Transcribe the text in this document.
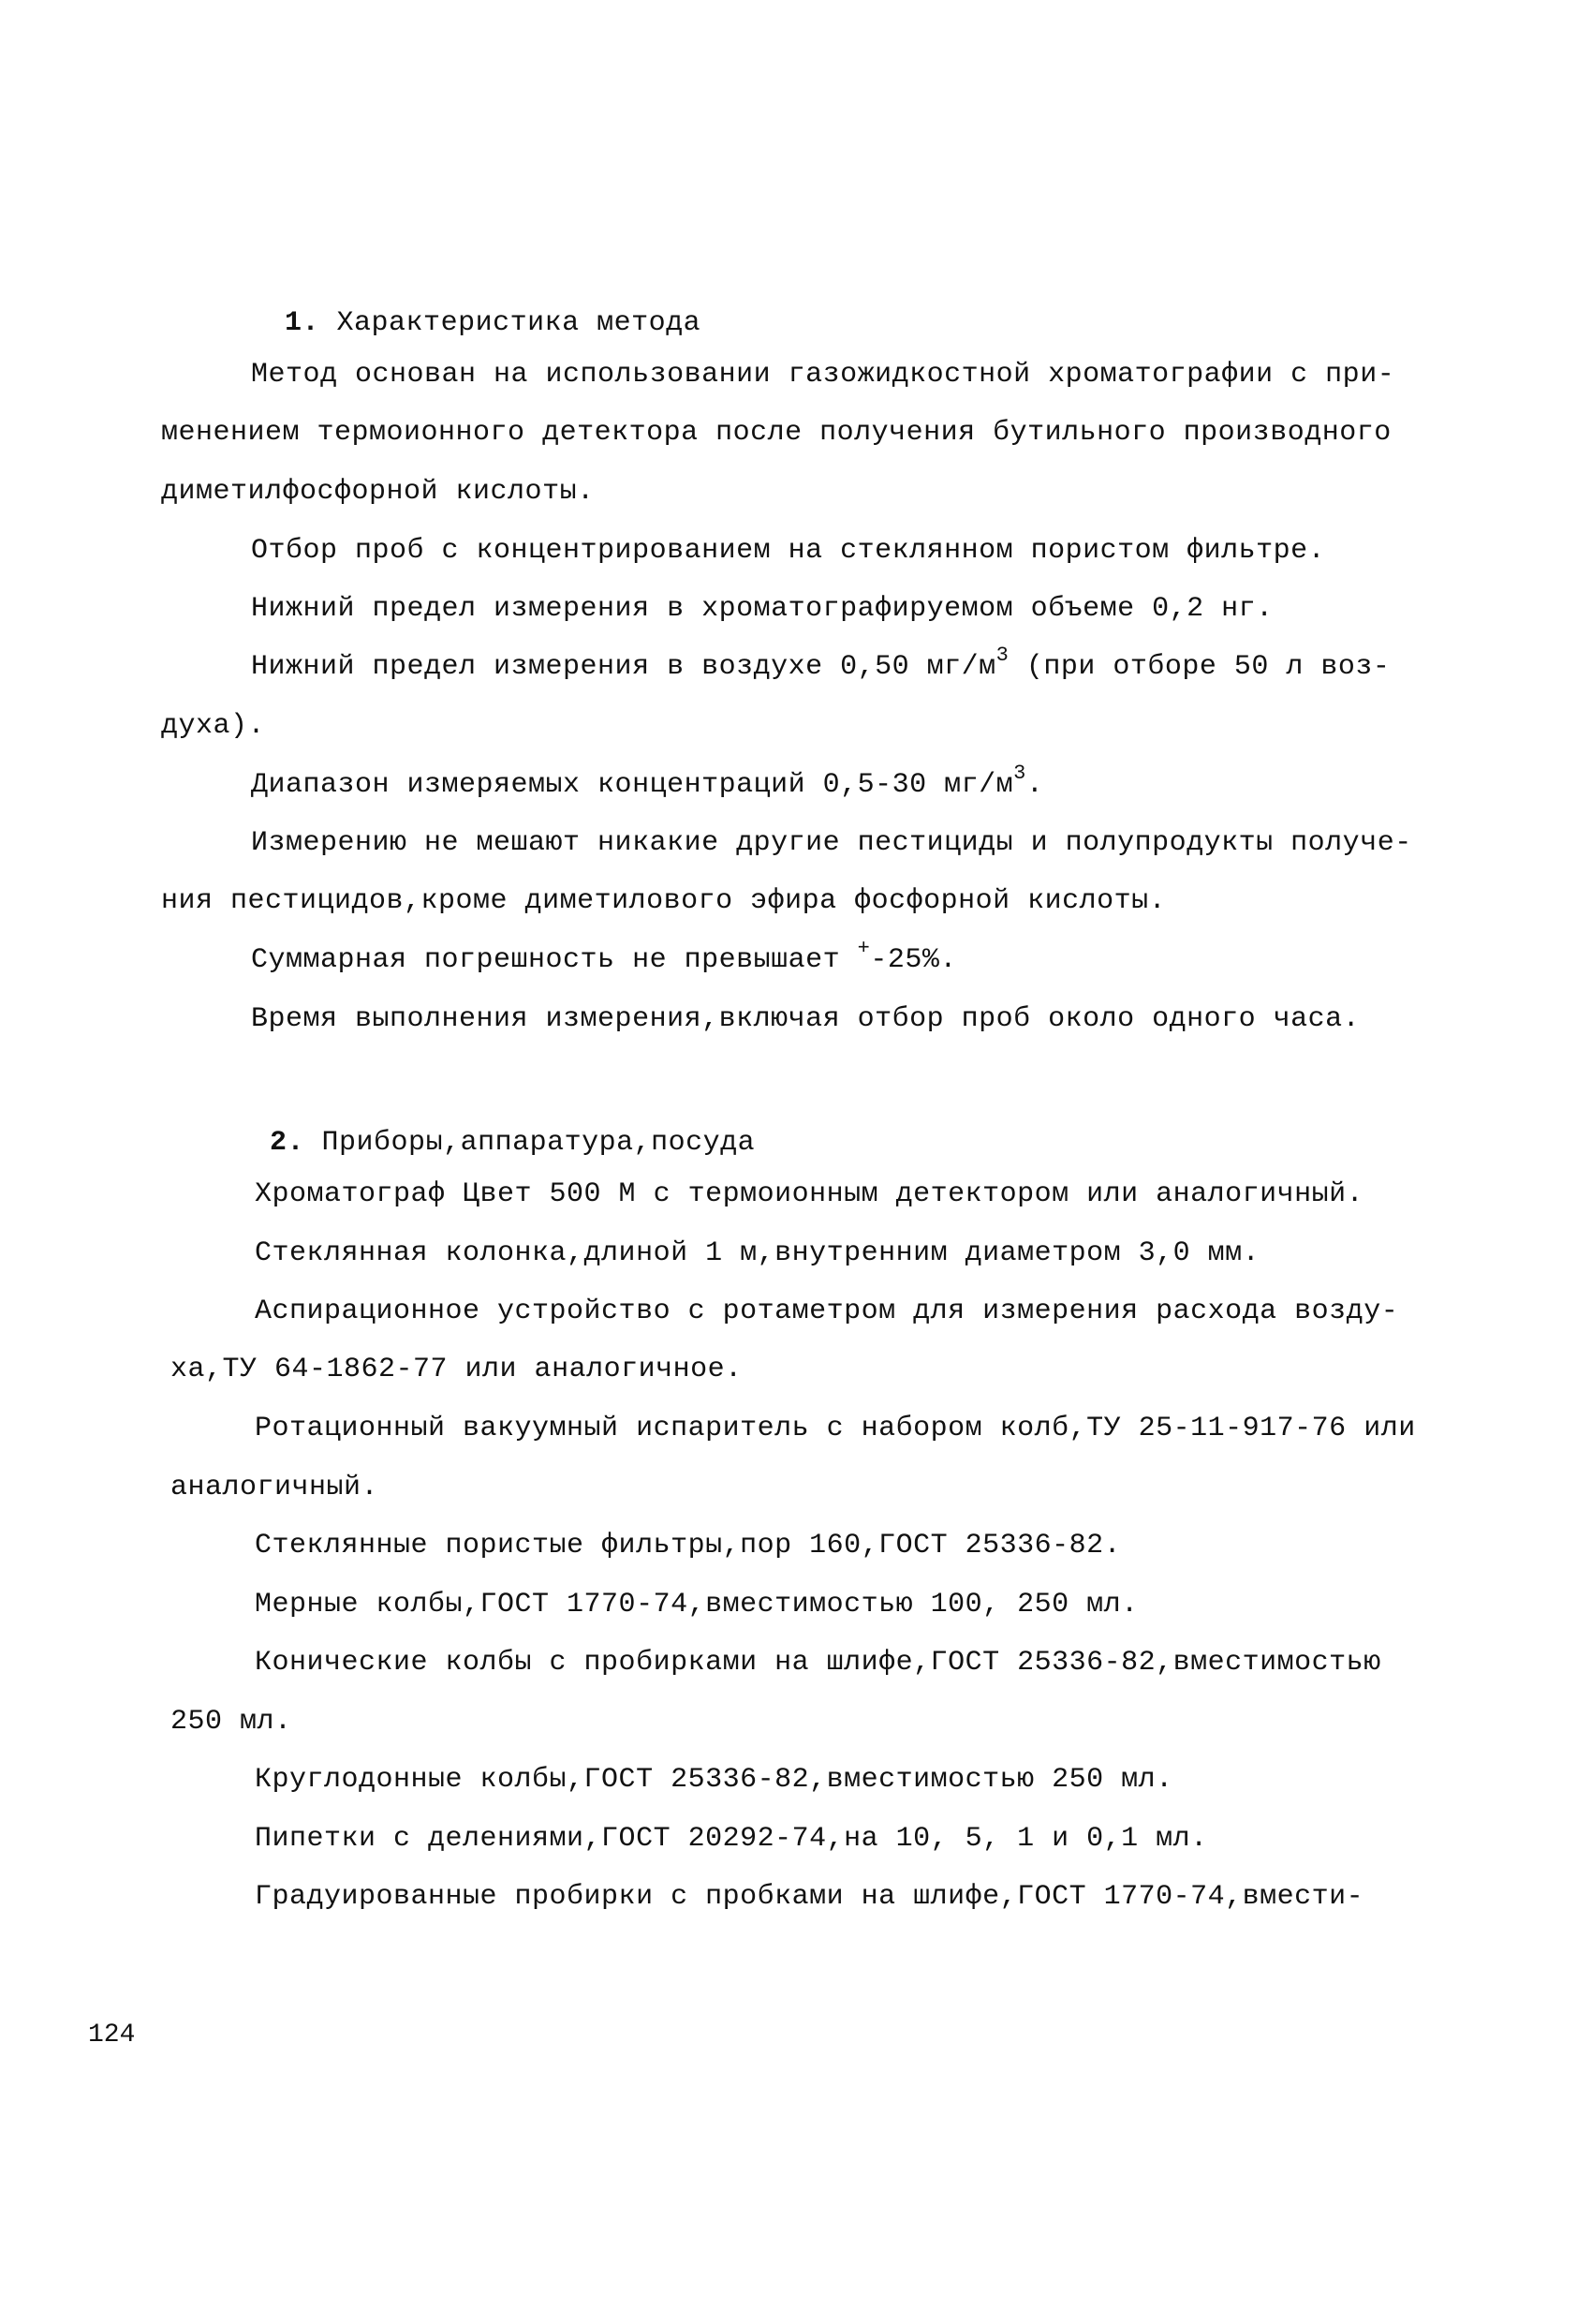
1. Характеристика метода

Метод основан на использовании газожидкостной хроматографии с при-
менением термоионного детектора после получения бутильного производного
диметилфосфорной кислоты.
Отбор проб с концентрированием на стеклянном пористом фильтре.
Нижний предел измерения в хроматографируемом объеме 0,2 нг.
Нижний предел измерения в воздухе 0,50 $мг/м^3$ (при отборе 50 л воз-
духа).
Диапазон измеряемых концентраций 0,5-30 $мг/м^3$.
Измерению не мешают никакие другие пестициды и полупродукты получе-
ния пестицидов,кроме диметилового эфира фосфорной кислоты.
Суммарная погрешность не превышает +-25%.
Время выполнения измерения,включая отбор проб около одного часа.

2. Приборы,аппаратура,посуда

Хроматограф Цвет 500 М с термоионным детектором или аналогичный.
Стеклянная колонка,длиной 1 м,внутренним диаметром 3,0 мм.
Аспирационное устройство с ротаметром для измерения расхода возду-
ха,ТУ 64-1862-77 или аналогичное.
Ротационный вакуумный испаритель с набором колб,ТУ 25-11-917-76 или
аналогичный.
Стеклянные пористые фильтры,пор 160,ГОСТ 25336-82.
Мерные колбы,ГОСТ 1770-74,вместимостью 100, 250 мл.
Конические колбы с пробирками на шлифе,ГОСТ 25336-82,вместимостью
250 мл.
Круглодонные колбы,ГОСТ 25336-82,вместимостью 250 мл.
Пипетки с делениями,ГОСТ 20292-74,на 10, 5, 1 и 0,1 мл.
Градуированные пробирки с пробками на шлифе,ГОСТ 1770-74,вмести-
124
